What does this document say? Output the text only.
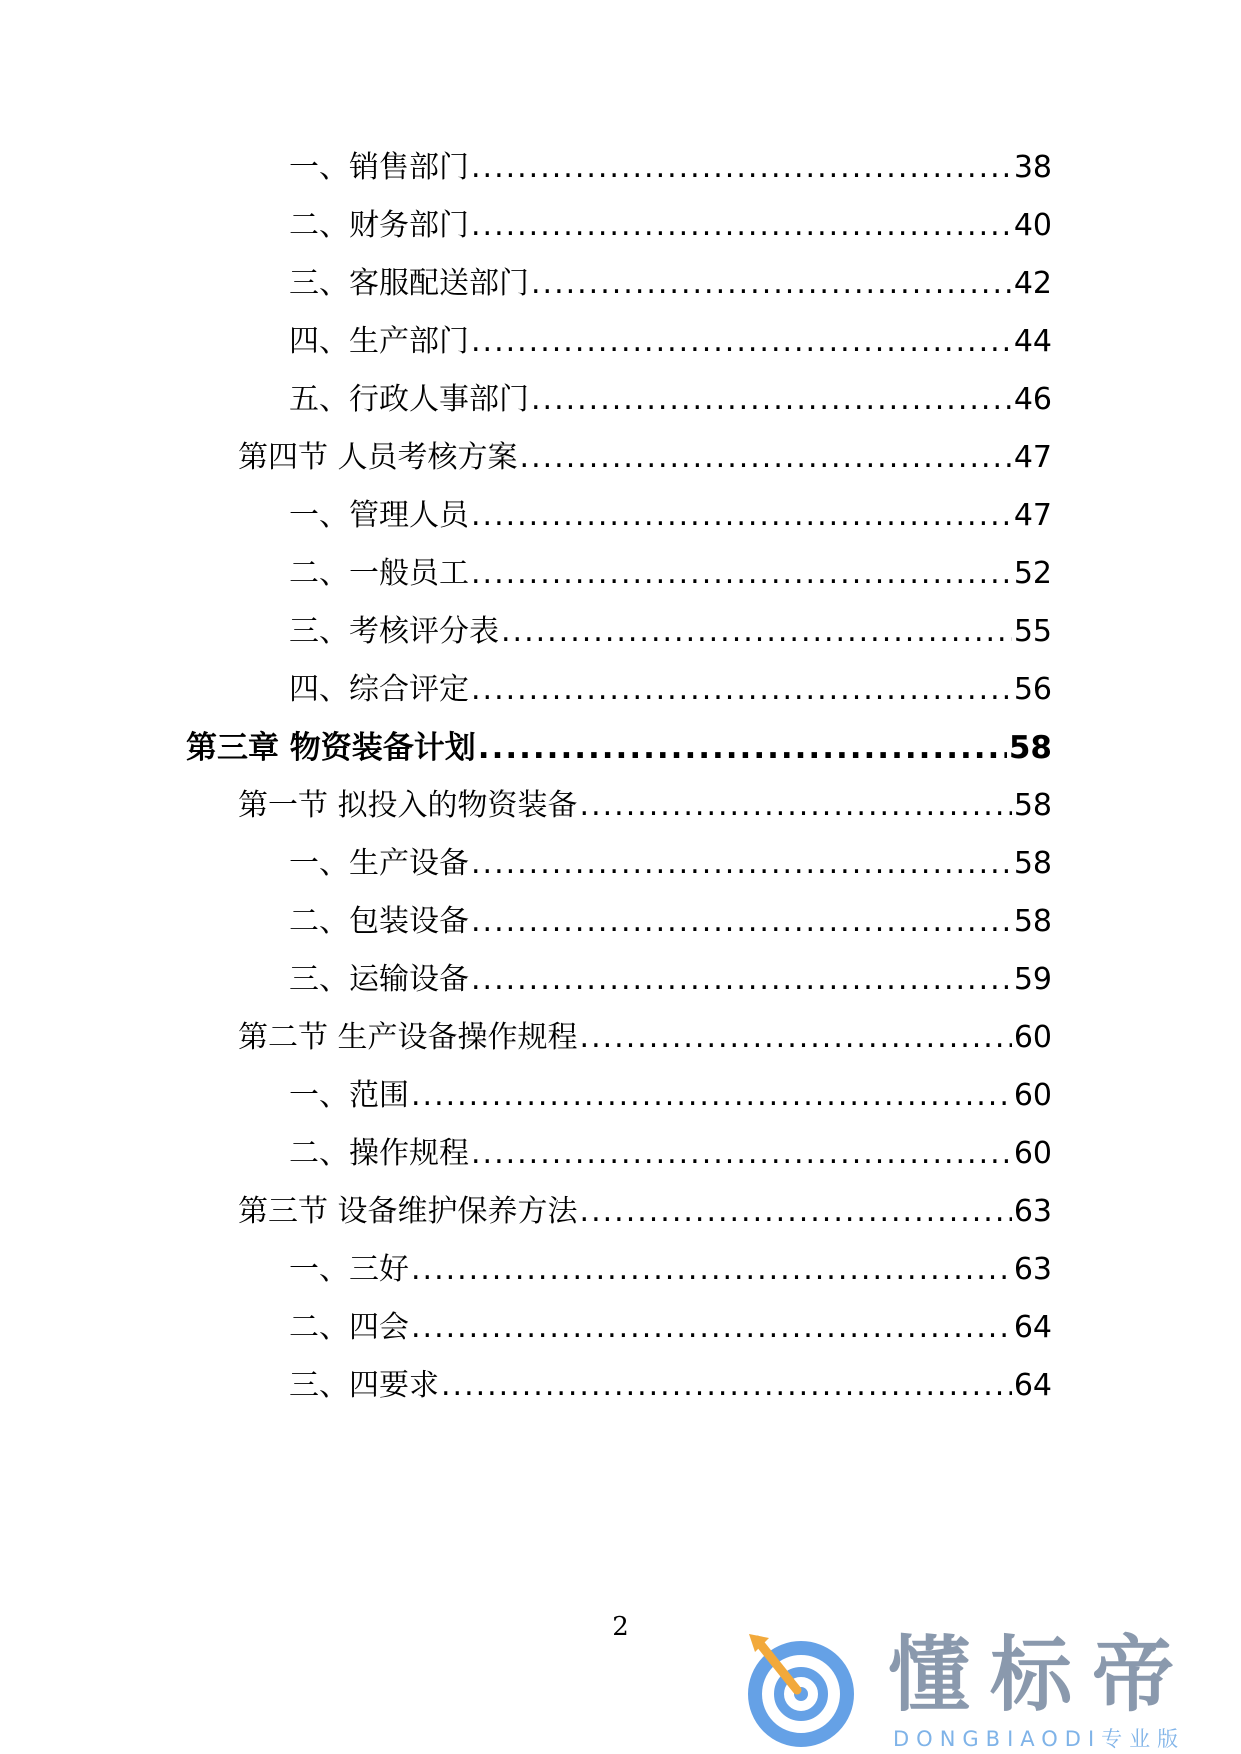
一、销售部门 .....	38
二、财务部门 .....	40
三、客服配送部门 .....	42
四、生产部门 .....	44
五、行政人事部门 .....	46
第四节 人员考核方案 .....	47
一、管理人员 .....	47
二、一般员工 .....	52
三、考核评分表 .....	55
四、综合评定 .....	56
第三章 物资装备计划 .....	58
第一节 拟投入的物资装备 .....	58
一、生产设备 .....	58
二、包装设备 .....	58
三、运输设备 .....	59
第二节 生产设备操作规程 .....	60
一、范围 .....	60
二、操作规程 .....	60
第三节 设备维护保养方法 .....	63
一、三好 .....	63
二、四会 .....	64
三、四要求 .....	64
2
懂标帝
DONGBIAODI专业版
